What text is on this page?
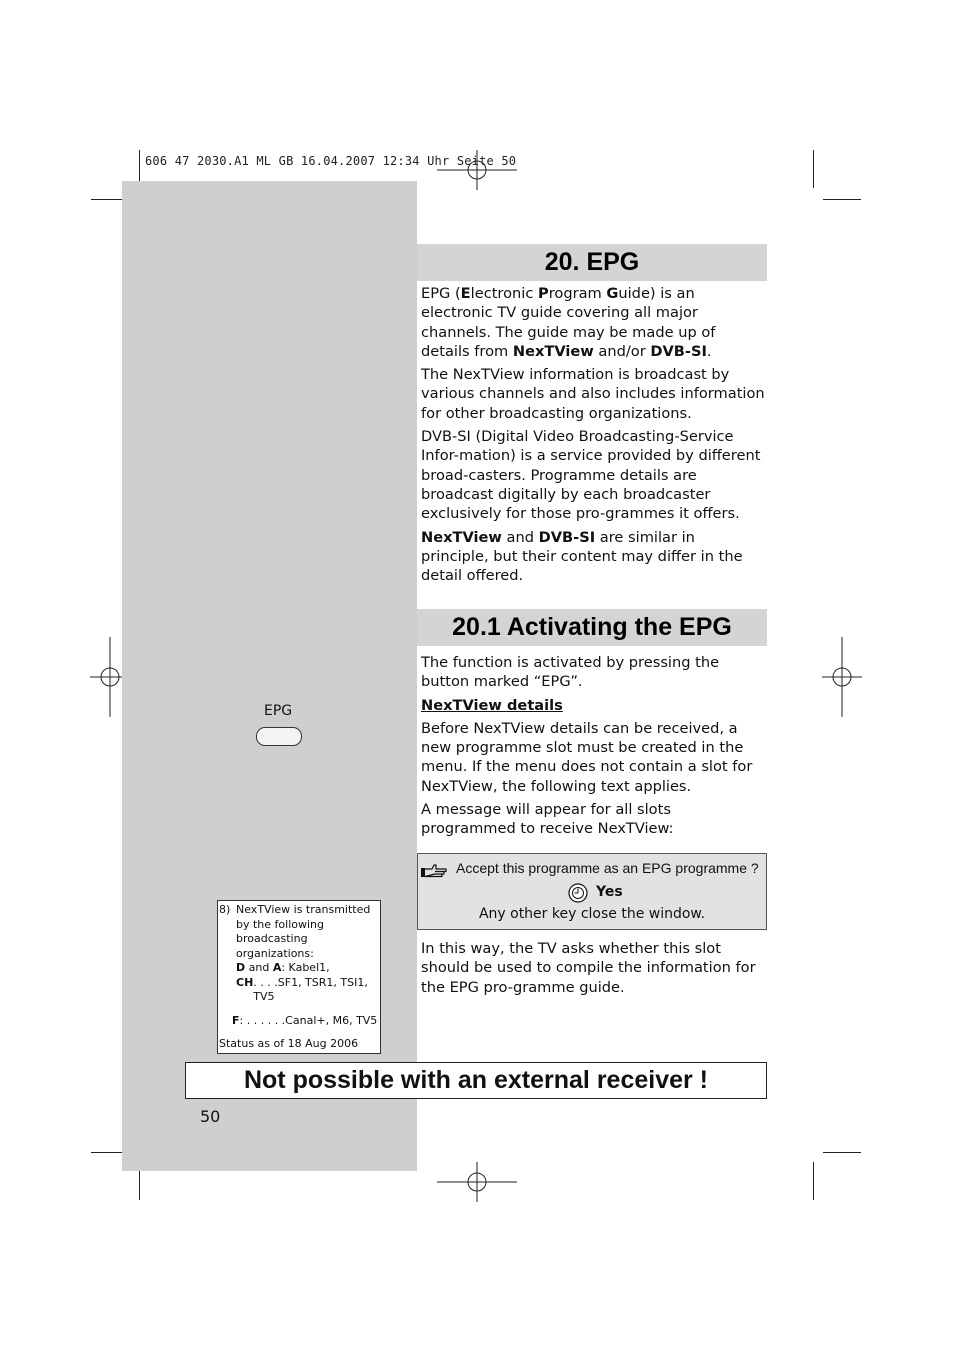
606 47 2030.A1 ML GB 16.04.2007 12:34 Uhr Seite 50
20. EPG

EPG (Electronic Program Guide) is an electronic TV guide covering all major channels. The guide may be made up of details from NexTView and/or DVB-SI.

The NexTView information is broadcast by various channels and also includes information for other broadcasting organizations.

DVB-SI (Digital Video Broadcasting-Service Infor-mation) is a service provided by different broad-casters. Programme details are broadcast digitally by each broadcaster exclusively for those pro-grammes it offers.

NexTView and DVB-SI are similar in principle, but their content may differ in the detail offered.

20.1 Activating the EPG

The function is activated by pressing the button marked “EPG”.

NexTView details

Before NexTView details can be received, a new programme slot must be created in the menu. If the menu does not contain a slot for NexTView, the following text applies.

A message will appear for all slots programmed to receive NexTView:

EPG
Accept this programme as an EPG programme ?
Yes
Any other key close the window.

In this way, the TV asks whether this slot should be used to compile the information for the EPG pro-gramme guide.

8) NexTView is transmitted by the following broadcasting organizations:
D and A: Kabel1,
CH . . . .SF1, TSR1, TSI1, TV5
F: . . . . . .Canal+, M6, TV5
Status as of 18 Aug 2006
Not possible with an external receiver !
50
